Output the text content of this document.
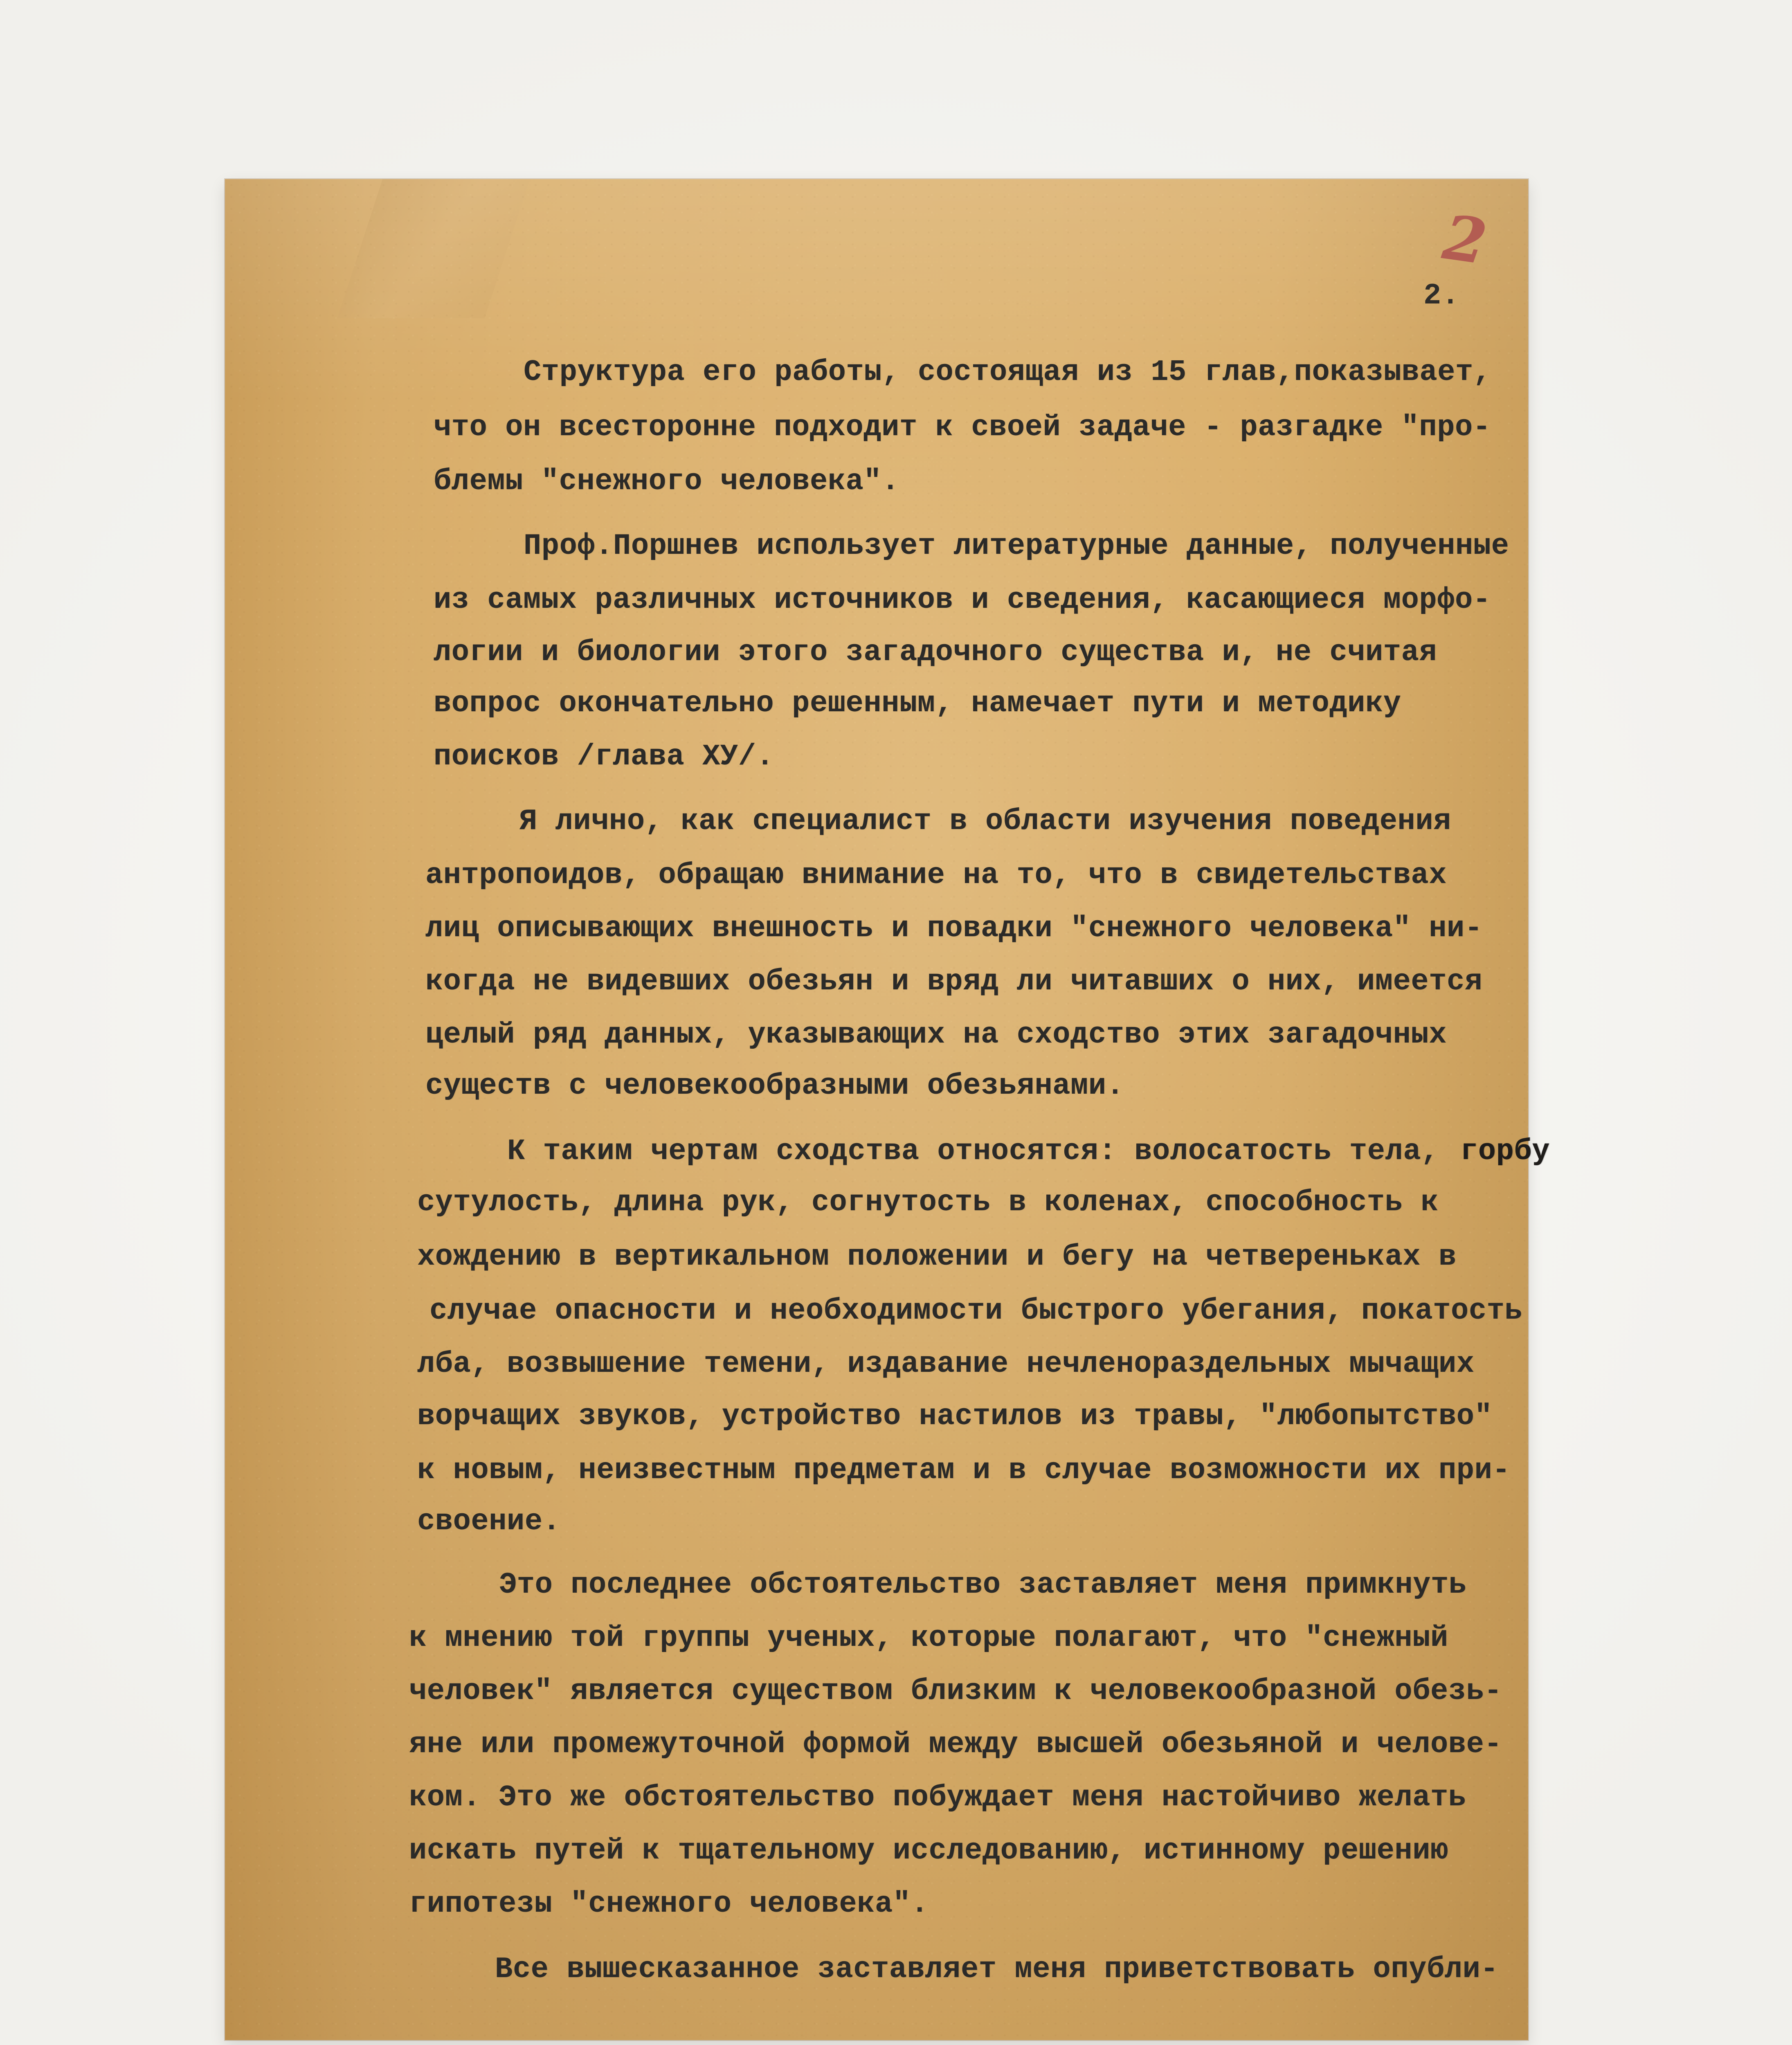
2
2.
Структура его работы, состоящая из 15 глав,показывает,
что он всесторонне подходит к своей задаче - разгадке "про-
блемы "снежного человека".
Проф.Поршнев использует литературные данные, полученные
из самых различных источников и сведения, касающиеся морфо-
логии и биологии этого загадочного существа и, не считая
вопрос окончательно решенным, намечает пути и методику
поисков /глава ХУ/.
Я лично, как специалист в области изучения поведения
антропоидов, обращаю внимание на то, что в свидетельствах
лиц описывающих внешность и повадки "снежного человека" ни-
когда не видевших обезьян и вряд ли читавших о них, имеется
целый ряд данных, указывающих на сходство этих загадочных
существ с человекообразными обезьянами.
К таким чертам сходства относятся: волосатость тела, горбу
сутулость, длина рук, согнутость в коленах, способность к
хождению в вертикальном положении и бегу на четвереньках в
случае опасности и необходимости быстрого убегания, покатость
лба, возвышение темени, издавание нечленораздельных мычащих
ворчащих звуков, устройство настилов из травы, "любопытство"
к новым, неизвестным предметам и в случае возможности их при-
своение.
Это последнее обстоятельство заставляет меня примкнуть
к мнению той группы ученых, которые полагают, что "снежный
человек" является существом близким к человекообразной обезь-
яне или промежуточной формой между высшей обезьяной и челове-
ком. Это же обстоятельство побуждает меня настойчиво желать
искать путей к тщательному исследованию, истинному решению
гипотезы "снежного человека".
Все вышесказанное заставляет меня приветствовать опубли-
